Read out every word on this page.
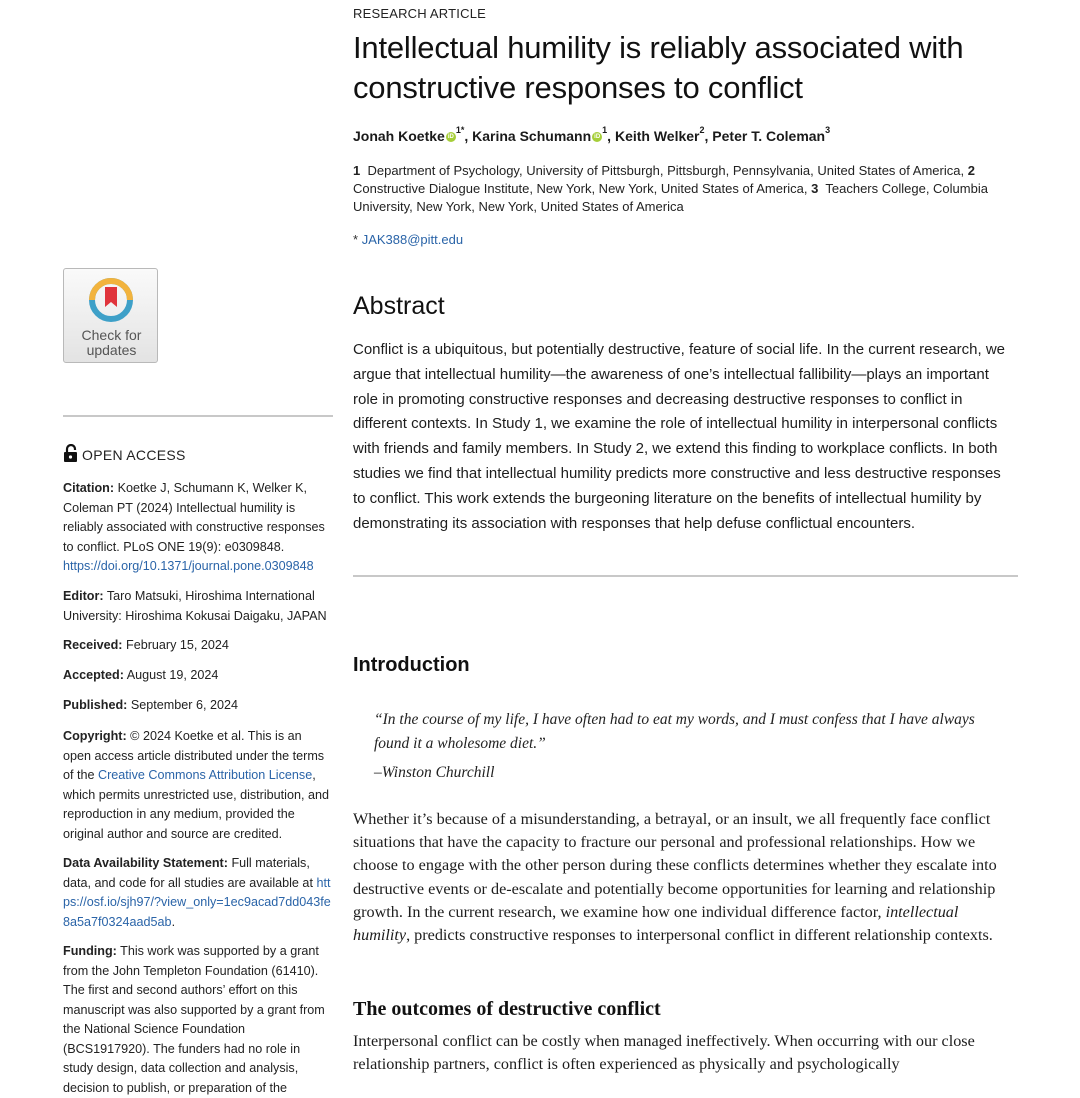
RESEARCH ARTICLE
Intellectual humility is reliably associated with constructive responses to conflict
Jonah Koetke $iD^{1*}$, Karina Schumann $iD^1$, Keith Welker$^2$, Peter T. Coleman$^3$
1 Department of Psychology, University of Pittsburgh, Pittsburgh, Pennsylvania, United States of America, 2  Constructive Dialogue Institute, New York, New York, United States of America, 3 Teachers College, Columbia University, New York, New York, United States of America
* JAK388@pitt.edu
Abstract

Conflict is a ubiquitous, but potentially destructive, feature of social life. In the current research, we argue that intellectual humility—the awareness of one’s intellectual fallibility—plays an important role in promoting constructive responses and decreasing destructive responses to conflict in different contexts. In Study 1, we examine the role of intellectual humility in interpersonal conflicts with friends and family members. In Study 2, we extend this finding to workplace conflicts. In both studies we find that intellectual humility predicts more constructive and less destructive responses to conflict. This work extends the burgeoning literature on the benefits of intellectual humility by demonstrating its association with responses that help defuse conflictual encounters.

Introduction

“In the course of my life, I have often had to eat my words, and I must confess that I have always found it a wholesome diet.”

–Winston Churchill

Whether it’s because of a misunderstanding, a betrayal, or an insult, we all frequently face conflict situations that have the capacity to fracture our personal and professional relationships. How we choose to engage with the other person during these conflicts determines whether they escalate into destructive events or de-escalate and potentially become opportunities for learning and relationship growth. In the current research, we examine how one individual difference factor, intellectual humility, predicts constructive responses to interpersonal conflict in different relationship contexts.

The outcomes of destructive conflict

Interpersonal conflict can be costly when managed ineffectively. When occurring with our close relationship partners, conflict is often experienced as physically and psychologically

Check for
updates
OPEN ACCESS

Citation: Koetke J, Schumann K, Welker K, Coleman PT (2024) Intellectual humility is reliably associated with constructive responses to conflict. PLoS ONE 19(9): e0309848. https://doi.org/10.1371/journal.pone.0309848

Editor: Taro Matsuki, Hiroshima International University: Hiroshima Kokusai Daigaku, JAPAN

Received: February 15, 2024

Accepted: August 19, 2024

Published: September 6, 2024

Copyright: © 2024 Koetke et al. This is an open access article distributed under the terms of the Creative Commons Attribution License, which permits unrestricted use, distribution, and reproduction in any medium, provided the original author and source are credited.

Data Availability Statement: Full materials, data, and code for all studies are available at https://osf.io/sjh97/?view_only=1ec9acad7dd043fe8a5a7f0324aad5ab.

Funding: This work was supported by a grant from the John Templeton Foundation (61410). The first and second authors’ effort on this manuscript was also supported by a grant from the National Science Foundation (BCS1917920). The funders had no role in study design, data collection and analysis, decision to publish, or preparation of the
